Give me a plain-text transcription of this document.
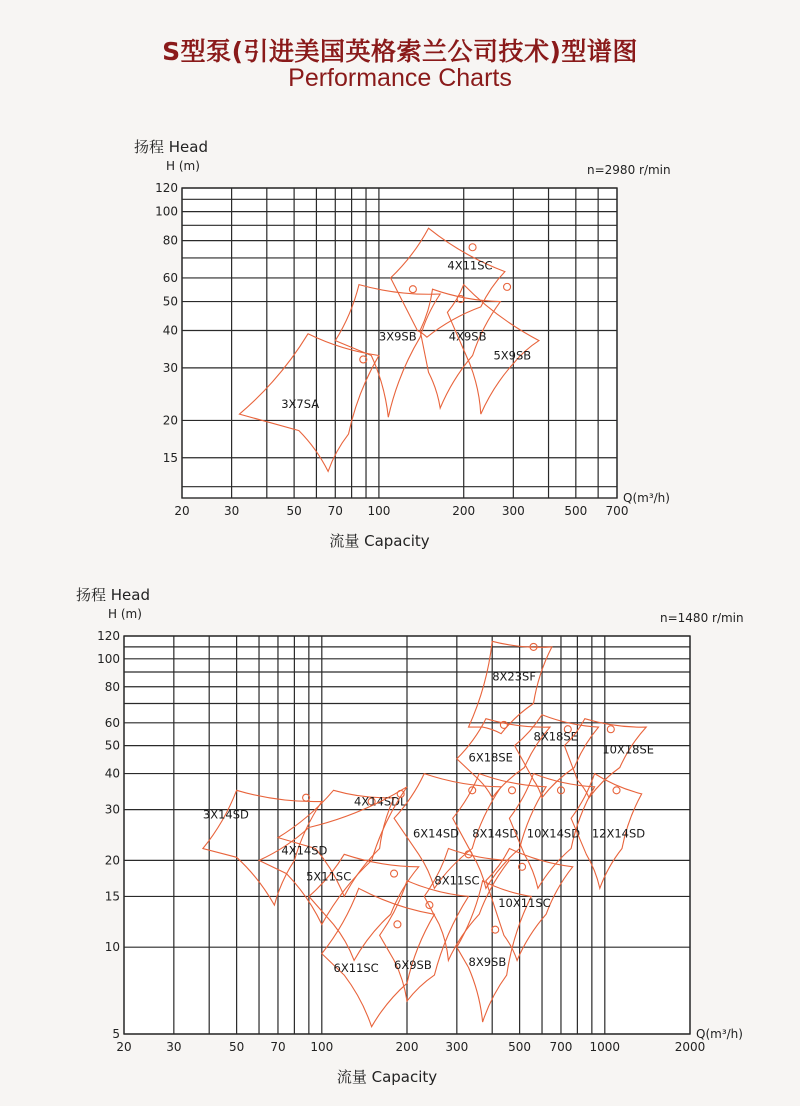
S型泵(引进美国英格索兰公司技术)型谱图
Performance Charts
扬程 Head
H (m)	n=2980 r/min
20	30	50 70 100	200 300	500 700
15
20
30
40
50
60
80
100
120
Q(m³/h)
流量 Capacity
3X7SA
3X9SB
4X11SC
4X9SB
5X9SB
扬程 Head
H (m)	n=1480 r/min
20	30	50 70 100	200 300	500 700 1000	2000
5
10
15
20
30
40
50
60
80
100
120
Q(m³/h)
流量 Capacity
3X14SD
4X14SDL
4X14SD
5X11SC
6X11SC 6X9SB
6X14SD
8X11SC
8X9SB
8X14SD
10X11SC
6X18SE
8X18SE
10X14SD
10X18SE
12X14SD
8X23SF
